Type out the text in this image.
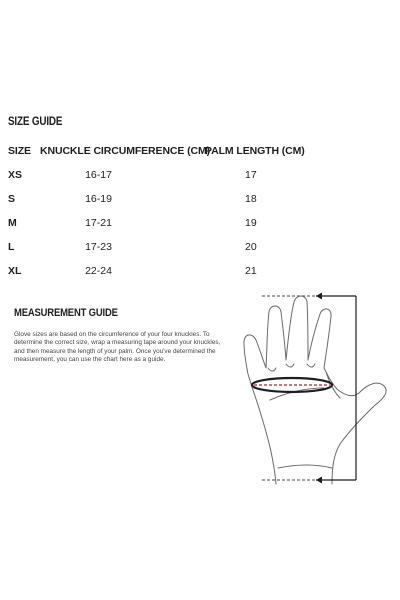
SIZE GUIDE
SIZE	KNUCKLE CIRCUMFERENCE (CM)	PALM LENGTH (CM)
XS	16-17	17
S	16-19	18
M	17-21	19
L	17-23	20
XL	22-24	21
MEASUREMENT GUIDE

Glove sizes are based on the circumference of your four knuckles. To determine the correct size, wrap a measuring tape around your knuckles, and then measure the length of your palm. Once you've determined the measurement, you can use the chart here as a guide.
